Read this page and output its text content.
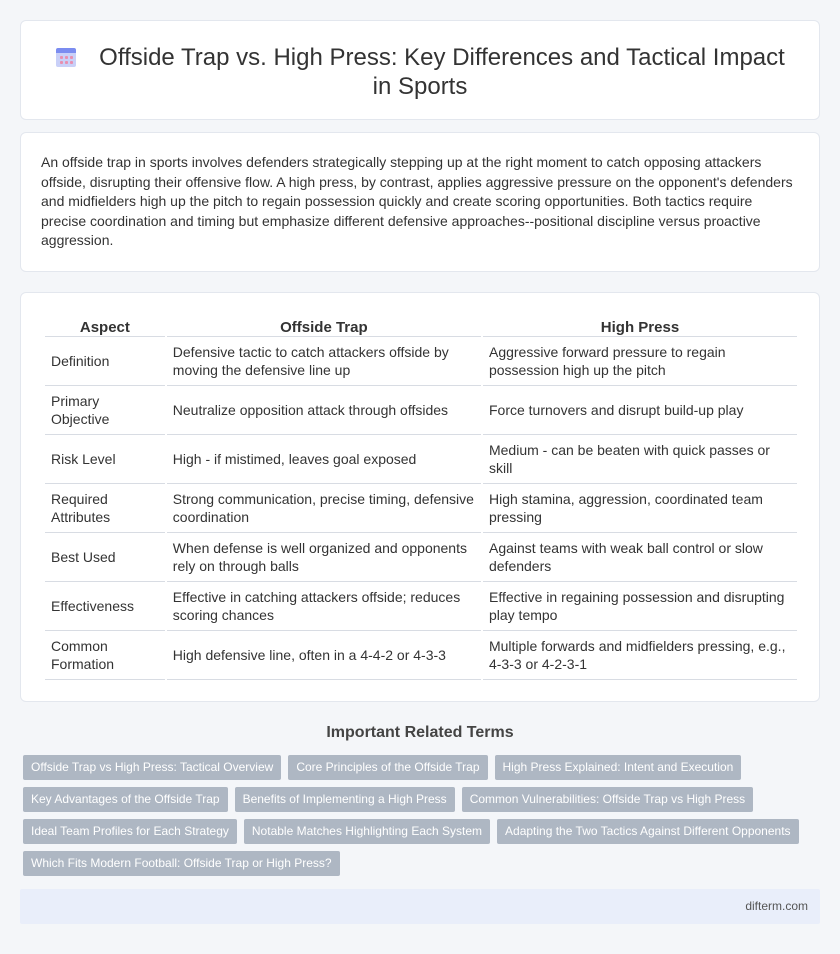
Offside Trap vs. High Press: Key Differences and Tactical Impact in Sports

An offside trap in sports involves defenders strategically stepping up at the right moment to catch opposing attackers offside, disrupting their offensive flow. A high press, by contrast, applies aggressive pressure on the opponent's defenders and midfielders high up the pitch to regain possession quickly and create scoring opportunities. Both tactics require precise coordination and timing but emphasize different defensive approaches--positional discipline versus proactive aggression.

Aspect	Offside Trap	High Press
Definition	Defensive tactic to catch attackers offside by moving the defensive line up	Aggressive forward pressure to regain possession high up the pitch
Primary Objective	Neutralize opposition attack through offsides	Force turnovers and disrupt build-up play
Risk Level	High - if mistimed, leaves goal exposed	Medium - can be beaten with quick passes or skill
Required Attributes	Strong communication, precise timing, defensive coordination	High stamina, aggression, coordinated team pressing
Best Used	When defense is well organized and opponents rely on through balls	Against teams with weak ball control or slow defenders
Effectiveness	Effective in catching attackers offside; reduces scoring chances	Effective in regaining possession and disrupting play tempo
Common Formation	High defensive line, often in a 4-4-2 or 4-3-3	Multiple forwards and midfielders pressing, e.g., 4-3-3 or 4-2-3-1
Important Related Terms
Offside Trap vs High Press: Tactical Overview	Core Principles of the Offside Trap	High Press Explained: Intent and Execution
Key Advantages of the Offside Trap	Benefits of Implementing a High Press	Common Vulnerabilities: Offside Trap vs High Press
Ideal Team Profiles for Each Strategy	Notable Matches Highlighting Each System	Adapting the Two Tactics Against Different Opponents
Which Fits Modern Football: Offside Trap or High Press?
difterm.com
